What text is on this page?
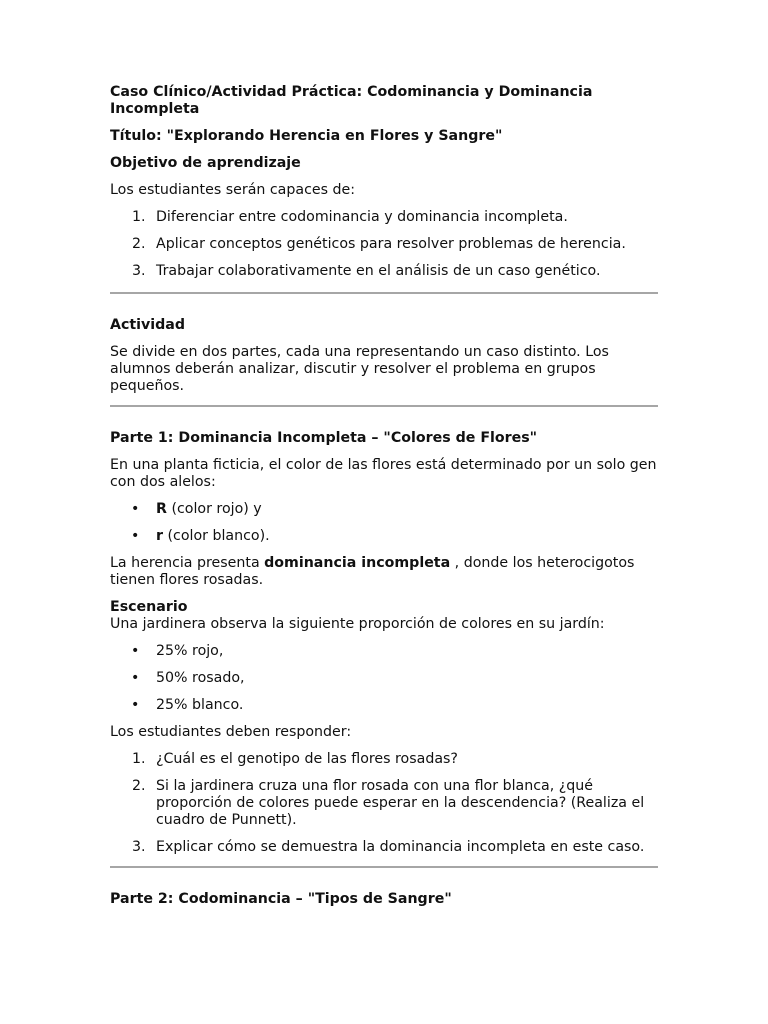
Caso Clínico/Actividad Práctica: Codominancia y Dominancia Incompleta

Título: "Explorando Herencia en Flores y Sangre"

Objetivo de aprendizaje

Los estudiantes serán capaces de:

1. Diferenciar entre codominancia y dominancia incompleta.
2. Aplicar conceptos genéticos para resolver problemas de herencia.
3. Trabajar colaborativamente en el análisis de un caso genético.

Actividad

Se divide en dos partes, cada una representando un caso distinto. Los alumnos deberán analizar, discutir y resolver el problema en grupos pequeños.

Parte 1: Dominancia Incompleta – "Colores de Flores"

En una planta ficticia, el color de las flores está determinado por un solo gen con dos alelos:

• R (color rojo) y
• r (color blanco).

La herencia presenta dominancia incompleta , donde los heterocigotos tienen flores rosadas.

Escenario

Una jardinera observa la siguiente proporción de colores en su jardín:

• 25% rojo,
• 50% rosado,
• 25% blanco.

Los estudiantes deben responder:

1. ¿Cuál es el genotipo de las flores rosadas?
2. Si la jardinera cruza una flor rosada con una flor blanca, ¿qué proporción de colores puede esperar en la descendencia? (Realiza el cuadro de Punnett).
3. Explicar cómo se demuestra la dominancia incompleta en este caso.

Parte 2: Codominancia – "Tipos de Sangre"
